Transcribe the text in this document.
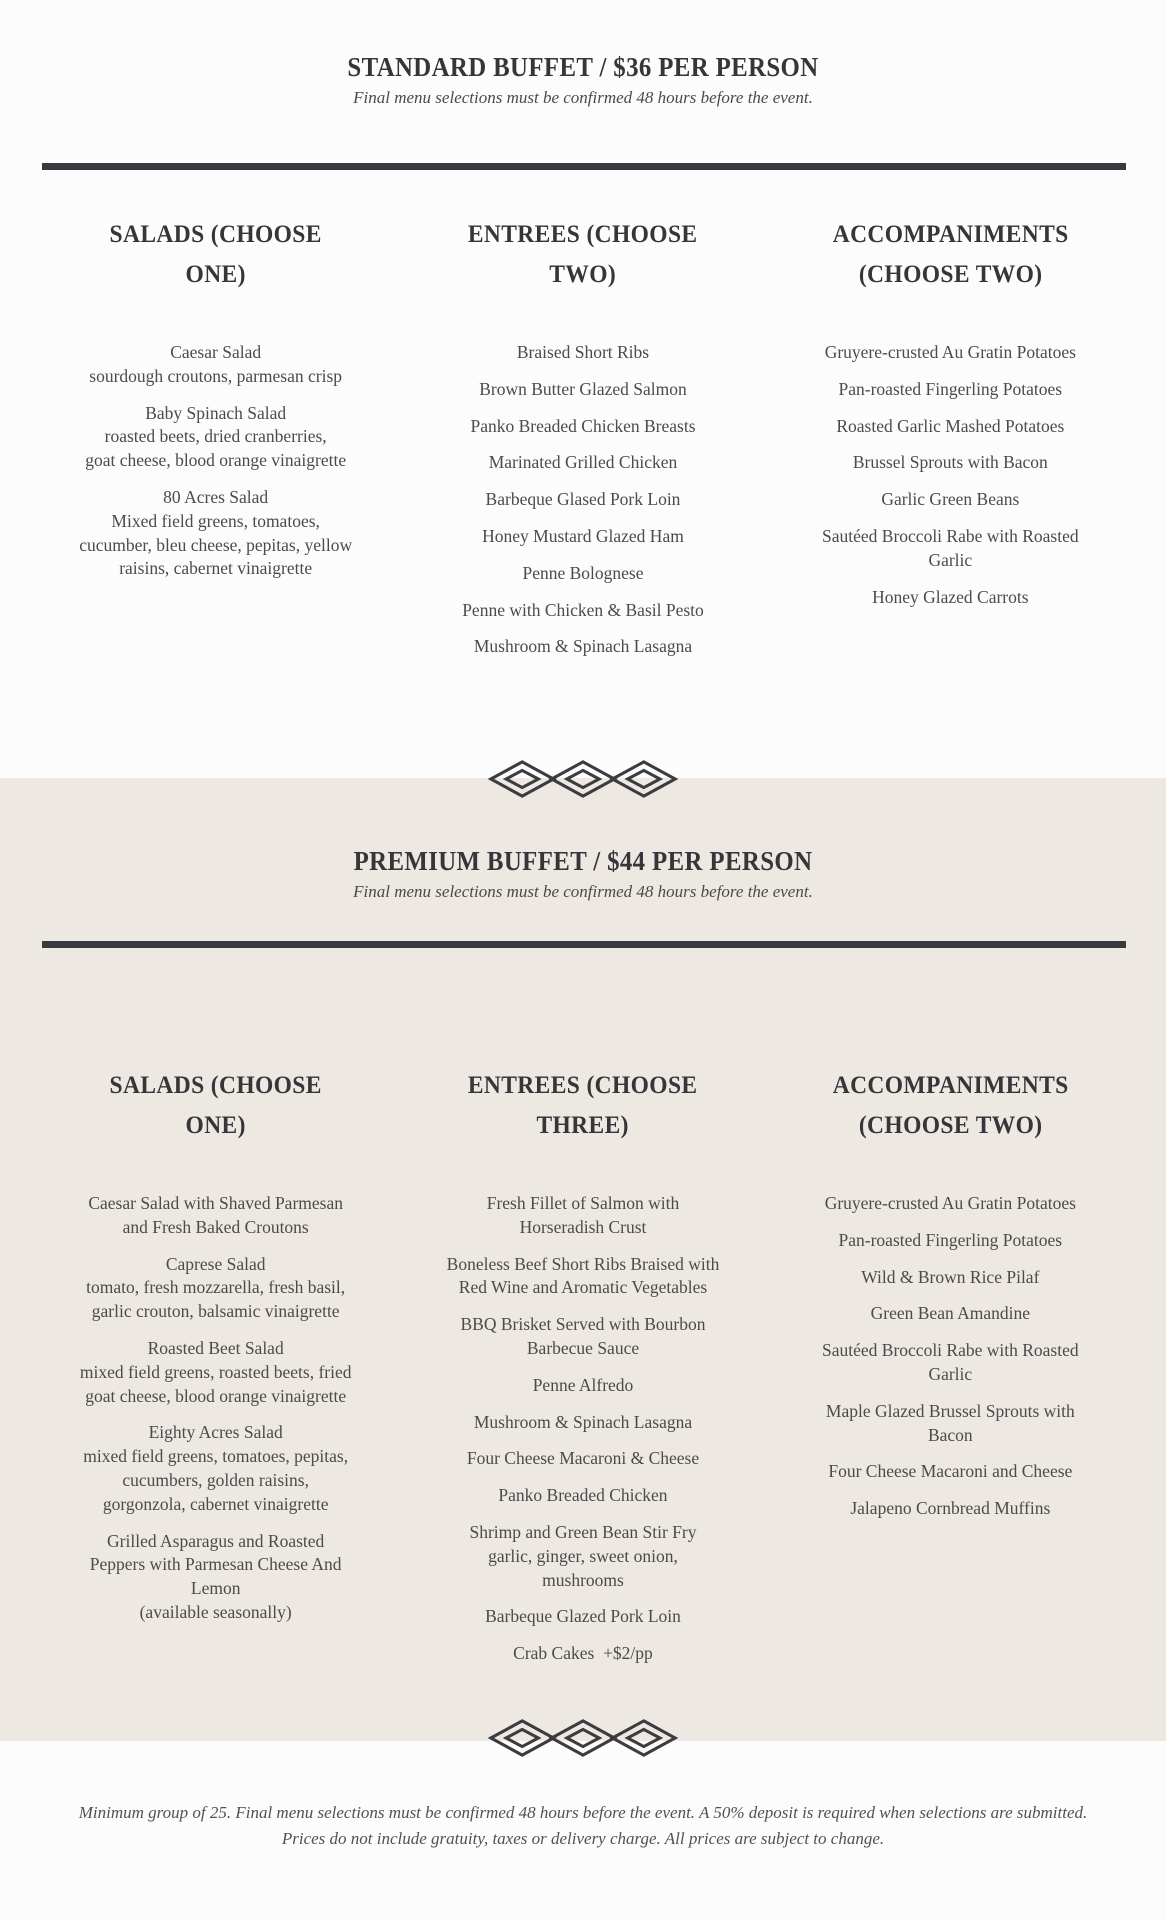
STANDARD BUFFET / $36 PER PERSON

Final menu selections must be confirmed 48 hours before the event.

SALADS (CHOOSE
ONE)
Caesar Salad
sourdough croutons, parmesan crisp
Baby Spinach Salad
roasted beets, dried cranberries,
goat cheese, blood orange vinaigrette
80 Acres Salad
Mixed field greens, tomatoes,
cucumber, bleu cheese, pepitas, yellow
raisins, cabernet vinaigrette
ENTREES (CHOOSE
TWO)
Braised Short Ribs
Brown Butter Glazed Salmon
Panko Breaded Chicken Breasts
Marinated Grilled Chicken
Barbeque Glased Pork Loin
Honey Mustard Glazed Ham
Penne Bolognese
Penne with Chicken & Basil Pesto
Mushroom & Spinach Lasagna
ACCOMPANIMENTS
(CHOOSE TWO)
Gruyere-crusted Au Gratin Potatoes
Pan-roasted Fingerling Potatoes
Roasted Garlic Mashed Potatoes
Brussel Sprouts with Bacon
Garlic Green Beans
Sautéed Broccoli Rabe with Roasted
Garlic
Honey Glazed Carrots
PREMIUM BUFFET / $44 PER PERSON

Final menu selections must be confirmed 48 hours before the event.

SALADS (CHOOSE
ONE)
Caesar Salad with Shaved Parmesan
and Fresh Baked Croutons
Caprese Salad
tomato, fresh mozzarella, fresh basil,
garlic crouton, balsamic vinaigrette
Roasted Beet Salad
mixed field greens, roasted beets, fried
goat cheese, blood orange vinaigrette
Eighty Acres Salad
mixed field greens, tomatoes, pepitas,
cucumbers, golden raisins,
gorgonzola, cabernet vinaigrette
Grilled Asparagus and Roasted
Peppers with Parmesan Cheese And
Lemon
(available seasonally)
ENTREES (CHOOSE
THREE)
Fresh Fillet of Salmon with
Horseradish Crust
Boneless Beef Short Ribs Braised with
Red Wine and Aromatic Vegetables
BBQ Brisket Served with Bourbon
Barbecue Sauce
Penne Alfredo
Mushroom & Spinach Lasagna
Four Cheese Macaroni & Cheese
Panko Breaded Chicken
Shrimp and Green Bean Stir Fry
garlic, ginger, sweet onion,
mushrooms
Barbeque Glazed Pork Loin
Crab Cakes  +$2/pp
ACCOMPANIMENTS
(CHOOSE TWO)
Gruyere-crusted Au Gratin Potatoes
Pan-roasted Fingerling Potatoes
Wild & Brown Rice Pilaf
Green Bean Amandine
Sautéed Broccoli Rabe with Roasted
Garlic
Maple Glazed Brussel Sprouts with
Bacon
Four Cheese Macaroni and Cheese
Jalapeno Cornbread Muffins

Minimum group of 25. Final menu selections must be confirmed 48 hours before the event. A 50% deposit is required when selections are submitted. Prices do not include gratuity, taxes or delivery charge. All prices are subject to change.
